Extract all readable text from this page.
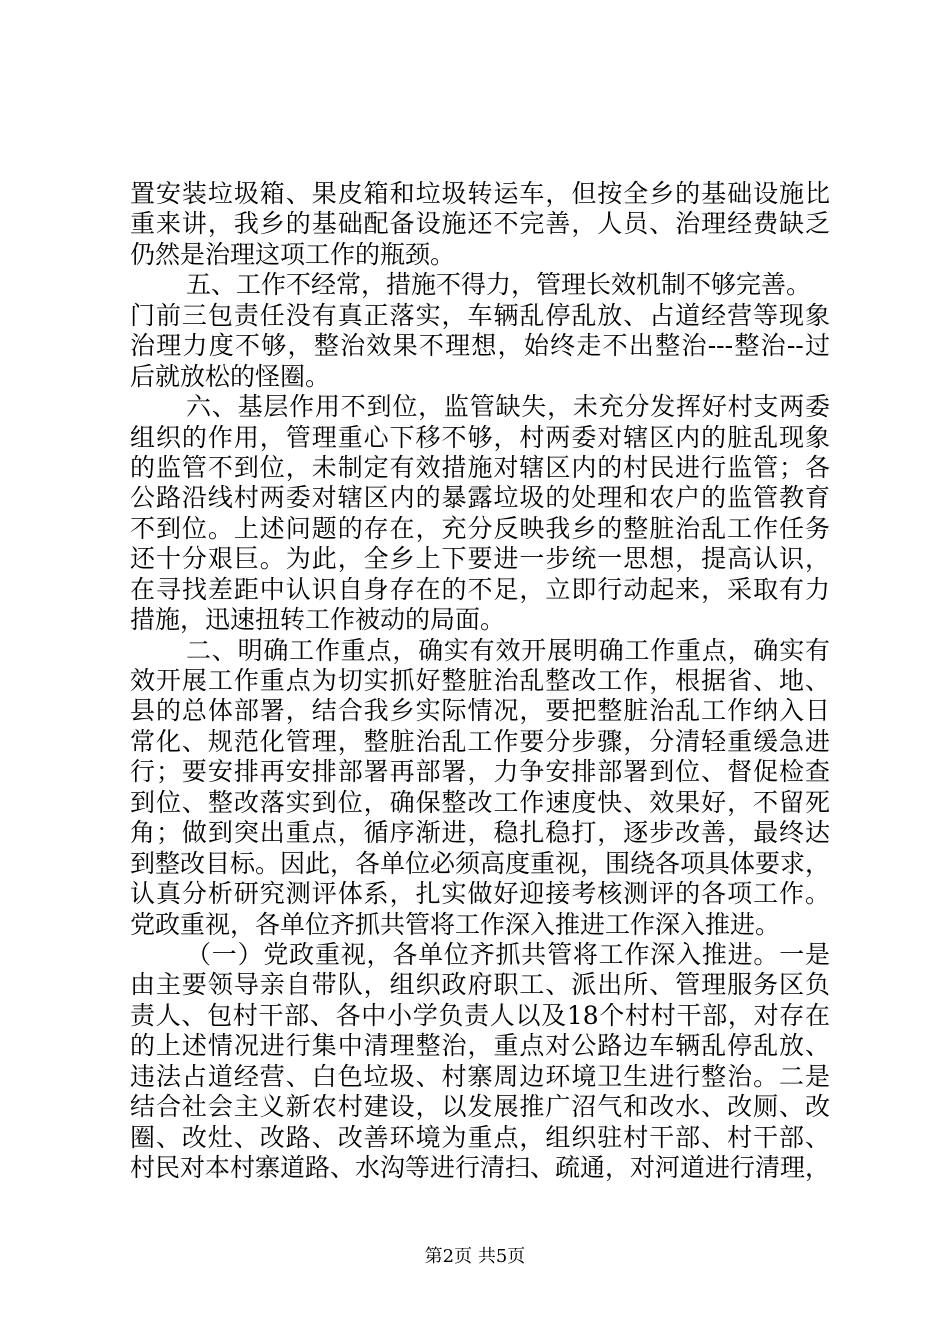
置安装垃圾箱、果皮箱和垃圾转运车，但按全乡的基础设施比
重来讲，我乡的基础配备设施还不完善，人员、治理经费缺乏
仍然是治理这项工作的瓶颈。
五、工作不经常，措施不得力，管理长效机制不够完善。
门前三包责任没有真正落实，车辆乱停乱放、占道经营等现象
治理力度不够，整治效果不理想，始终走不出整治---整治--过
后就放松的怪圈。
六、基层作用不到位，监管缺失，未充分发挥好村支两委
组织的作用，管理重心下移不够，村两委对辖区内的脏乱现象
的监管不到位，未制定有效措施对辖区内的村民进行监管；各
公路沿线村两委对辖区内的暴露垃圾的处理和农户的监管教育
不到位。上述问题的存在，充分反映我乡的整脏治乱工作任务
还十分艰巨。为此，全乡上下要进一步统一思想，提高认识，
在寻找差距中认识自身存在的不足，立即行动起来，采取有力
措施，迅速扭转工作被动的局面。
二、明确工作重点，确实有效开展明确工作重点，确实有
效开展工作重点为切实抓好整脏治乱整改工作，根据省、地、
县的总体部署，结合我乡实际情况，要把整脏治乱工作纳入日
常化、规范化管理，整脏治乱工作要分步骤，分清轻重缓急进
行；要安排再安排部署再部署，力争安排部署到位、督促检查
到位、整改落实到位，确保整改工作速度快、效果好，不留死
角；做到突出重点，循序渐进，稳扎稳打，逐步改善，最终达
到整改目标。因此，各单位必须高度重视，围绕各项具体要求，
认真分析研究测评体系，扎实做好迎接考核测评的各项工作。
党政重视，各单位齐抓共管将工作深入推进工作深入推进。
（一）党政重视，各单位齐抓共管将工作深入推进。一是
由主要领导亲自带队，组织政府职工、派出所、管理服务区负
责人、包村干部、各中小学负责人以及18个村村干部，对存在
的上述情况进行集中清理整治，重点对公路边车辆乱停乱放、
违法占道经营、白色垃圾、村寨周边环境卫生进行整治。二是
结合社会主义新农村建设，以发展推广沼气和改水、改厕、改
圈、改灶、改路、改善环境为重点，组织驻村干部、村干部、
村民对本村寨道路、水沟等进行清扫、疏通，对河道进行清理，
第2页 共5页
